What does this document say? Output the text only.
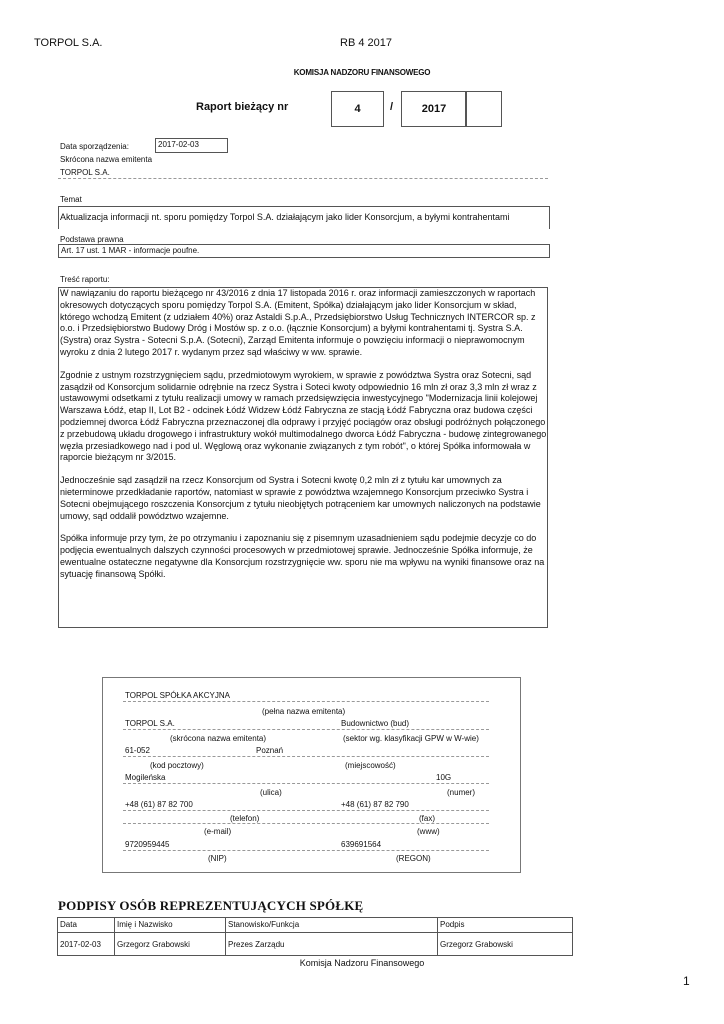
TORPOL S.A.	RB 4 2017
KOMISJA NADZORU FINANSOWEGO
Raport bieżący nr	4	/	2017
Data sporządzenia:	2017-02-03
Skrócona nazwa emitenta
TORPOL S.A.
Temat
Aktualizacja informacji nt. sporu pomiędzy Torpol S.A. działającym jako lider Konsorcjum, a byłymi kontrahentami
Podstawa prawna
Art. 17 ust. 1 MAR - informacje poufne.
Treść raportu:

W nawiązaniu do raportu bieżącego nr 43/2016 z dnia 17 listopada 2016 r. oraz informacji zamieszczonych w raportach okresowych dotyczących sporu pomiędzy Torpol S.A. (Emitent, Spółka) działającym jako lider Konsorcjum w skład, którego wchodzą Emitent (z udziałem 40%) oraz Astaldi S.p.A., Przedsiębiorstwo Usług Technicznych INTERCOR sp. z o.o. i Przedsiębiorstwo Budowy Dróg i Mostów sp. z o.o. (łącznie Konsorcjum) a byłymi kontrahentami tj. Systra S.A. (Systra) oraz Systra - Sotecni S.p.A. (Sotecni), Zarząd Emitenta informuje o powzięciu informacji o nieprawomocnym wyroku z dnia 2 lutego 2017 r. wydanym przez sąd właściwy w ww. sprawie.

Zgodnie z ustnym rozstrzygnięciem sądu, przedmiotowym wyrokiem, w sprawie z powództwa Systra oraz Sotecni, sąd zasądził od Konsorcjum solidarnie odrębnie na rzecz Systra i Soteci kwoty odpowiednio 16 mln zł oraz 3,3 mln zł wraz z ustawowymi odsetkami z tytułu realizacji umowy w ramach przedsięwzięcia inwestycyjnego "Modernizacja linii kolejowej Warszawa Łódź, etap II, Lot B2 - odcinek Łódź Widzew Łódź Fabryczna ze stacją Łódź Fabryczna oraz budowa części podziemnej dworca Łódź Fabryczna przeznaczonej dla odprawy i przyjęć pociągów oraz obsługi podróżnych połączonego z przebudową układu drogowego i infrastruktury wokół multimodalnego dworca Łódź Fabryczna - budowę zintegrowanego węzła przesiadkowego nad i pod ul. Węglową oraz wykonanie związanych z tym robót", o której Spółka informowała w raporcie bieżącym nr 3/2015.

Jednocześnie sąd zasądził na rzecz Konsorcjum od Systra i Sotecni kwotę 0,2 mln zł z tytułu kar umownych za nieterminowe przedkładanie raportów, natomiast w sprawie z powództwa wzajemnego Konsorcjum przeciwko Systra i Sotecni obejmującego roszczenia Konsorcjum z tytułu nieobjętych potrąceniem kar umownych naliczonych na podstawie umowy, sąd oddalił powództwo wzajemne.

Spółka informuje przy tym, że po otrzymaniu i zapoznaniu się z pisemnym uzasadnieniem sądu podejmie decyzje co do podjęcia ewentualnych dalszych czynności procesowych w przedmiotowej sprawie. Jednocześnie Spółka informuje, że ewentualne ostateczne negatywne dla Konsorcjum rozstrzygnięcie ww. sporu nie ma wpływu na wyniki finansowe oraz na sytuację finansową Spółki.

TORPOL SPÓŁKA AKCYJNA
(pełna nazwa emitenta)
TORPOL S.A.	Budownictwo (bud)
(skrócona nazwa emitenta)	(sektor wg. klasyfikacji GPW w W-wie)
61-052	Poznań
(kod pocztowy)	(miejscowość)
Mogileńska	10G
(ulica)	(numer)
+48 (61) 87 82 700	+48 (61) 87 82 790
(telefon)	(fax)
(e-mail)	(www)
9720959445	639691564
(NIP)	(REGON)
PODPISY OSÓB REPREZENTUJĄCYCH SPÓŁKĘ
Data	Imię i Nazwisko	Stanowisko/Funkcja	Podpis
2017-02-03	Grzegorz Grabowski	Prezes Zarządu	Grzegorz Grabowski
Komisja Nadzoru Finansowego
1
